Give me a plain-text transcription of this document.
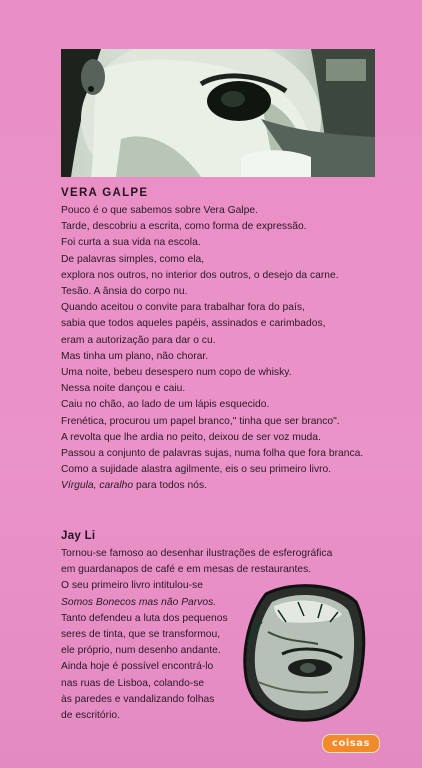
VERA GALPE
Pouco é o que sabemos sobre Vera Galpe.
Tarde, descobriu a escrita, como forma de expressão.
Foi curta a sua vida na escola.
De palavras simples, como ela,
explora nos outros, no interior dos outros, o desejo da carne.
Tesão. A ânsia do corpo nu.
Quando aceitou o convite para trabalhar fora do país,
sabia que todos aqueles papéis, assinados e carimbados,
eram a autorização para dar o cu.
Mas tinha um plano, não chorar.
Uma noite, bebeu desespero num copo de whisky.
Nessa noite dançou e caiu.
Caiu no chão, ao lado de um lápis esquecido.
Frenética, procurou um papel branco," tinha que ser branco".
A revolta que lhe ardia no peito, deixou de ser voz muda.
Passou a conjunto de palavras sujas, numa folha que fora branca.
Como a sujidade alastra agilmente, eis o seu primeiro livro.
Vírgula, caralho para todos nós.
Jay Li
Tornou-se famoso ao desenhar ilustrações de esferográfica
em guardanapos de café e em mesas de restaurantes.
O seu primeiro livro intitulou-se
Somos Bonecos mas não Parvos.
Tanto defendeu a luta dos pequenos
seres de tinta, que se transformou,
ele próprio, num desenho andante.
Ainda hoje é possível encontrá-lo
nas ruas de Lisboa, colando-se
às paredes e vandalizando folhas
de escritório.
coisas
